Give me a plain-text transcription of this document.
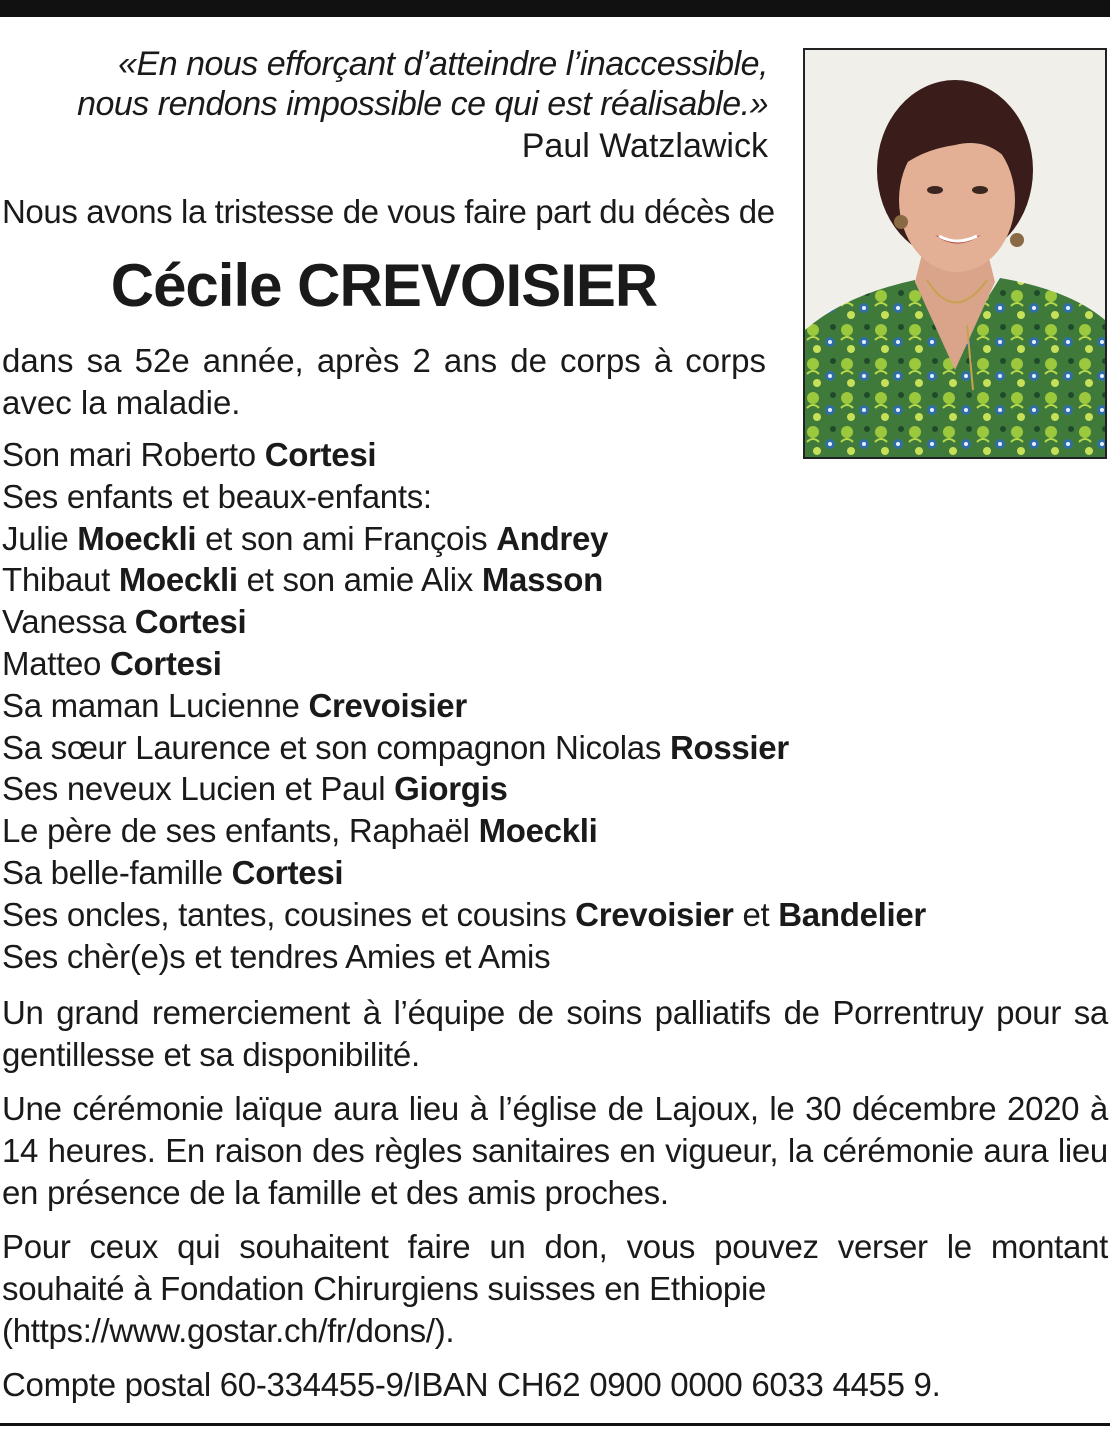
«En nous efforçant d’atteindre l’inaccessible,
nous rendons impossible ce qui est réalisable.»
Paul Watzlawick
Nous avons la tristesse de vous faire part du décès de
Cécile CREVOISIER
dans sa 52e année, après 2 ans de corps à corps avec la maladie.
Son mari Roberto Cortesi
Ses enfants et beaux-enfants:
Julie Moeckli et son ami François Andrey
Thibaut Moeckli et son amie Alix Masson
Vanessa Cortesi
Matteo Cortesi
Sa maman Lucienne Crevoisier
Sa sœur Laurence et son compagnon Nicolas Rossier
Ses neveux Lucien et Paul Giorgis
Le père de ses enfants, Raphaël Moeckli
Sa belle-famille Cortesi
Ses oncles, tantes, cousines et cousins Crevoisier et Bandelier
Ses chèr(e)s et tendres Amies et Amis
Un grand remerciement à l’équipe de soins palliatifs de Porrentruy pour sa gentillesse et sa disponibilité.
Une cérémonie laïque aura lieu à l’église de Lajoux, le 30 décembre 2020 à 14 heures. En raison des règles sanitaires en vigueur, la cérémonie aura lieu en présence de la famille et des amis proches.
Pour ceux qui souhaitent faire un don, vous pouvez verser le montant souhaité à Fondation Chirurgiens suisses en Ethiopie
(https://www.gostar.ch/fr/dons/).
Compte postal 60-334455-9/IBAN CH62 0900 0000 6033 4455 9.
